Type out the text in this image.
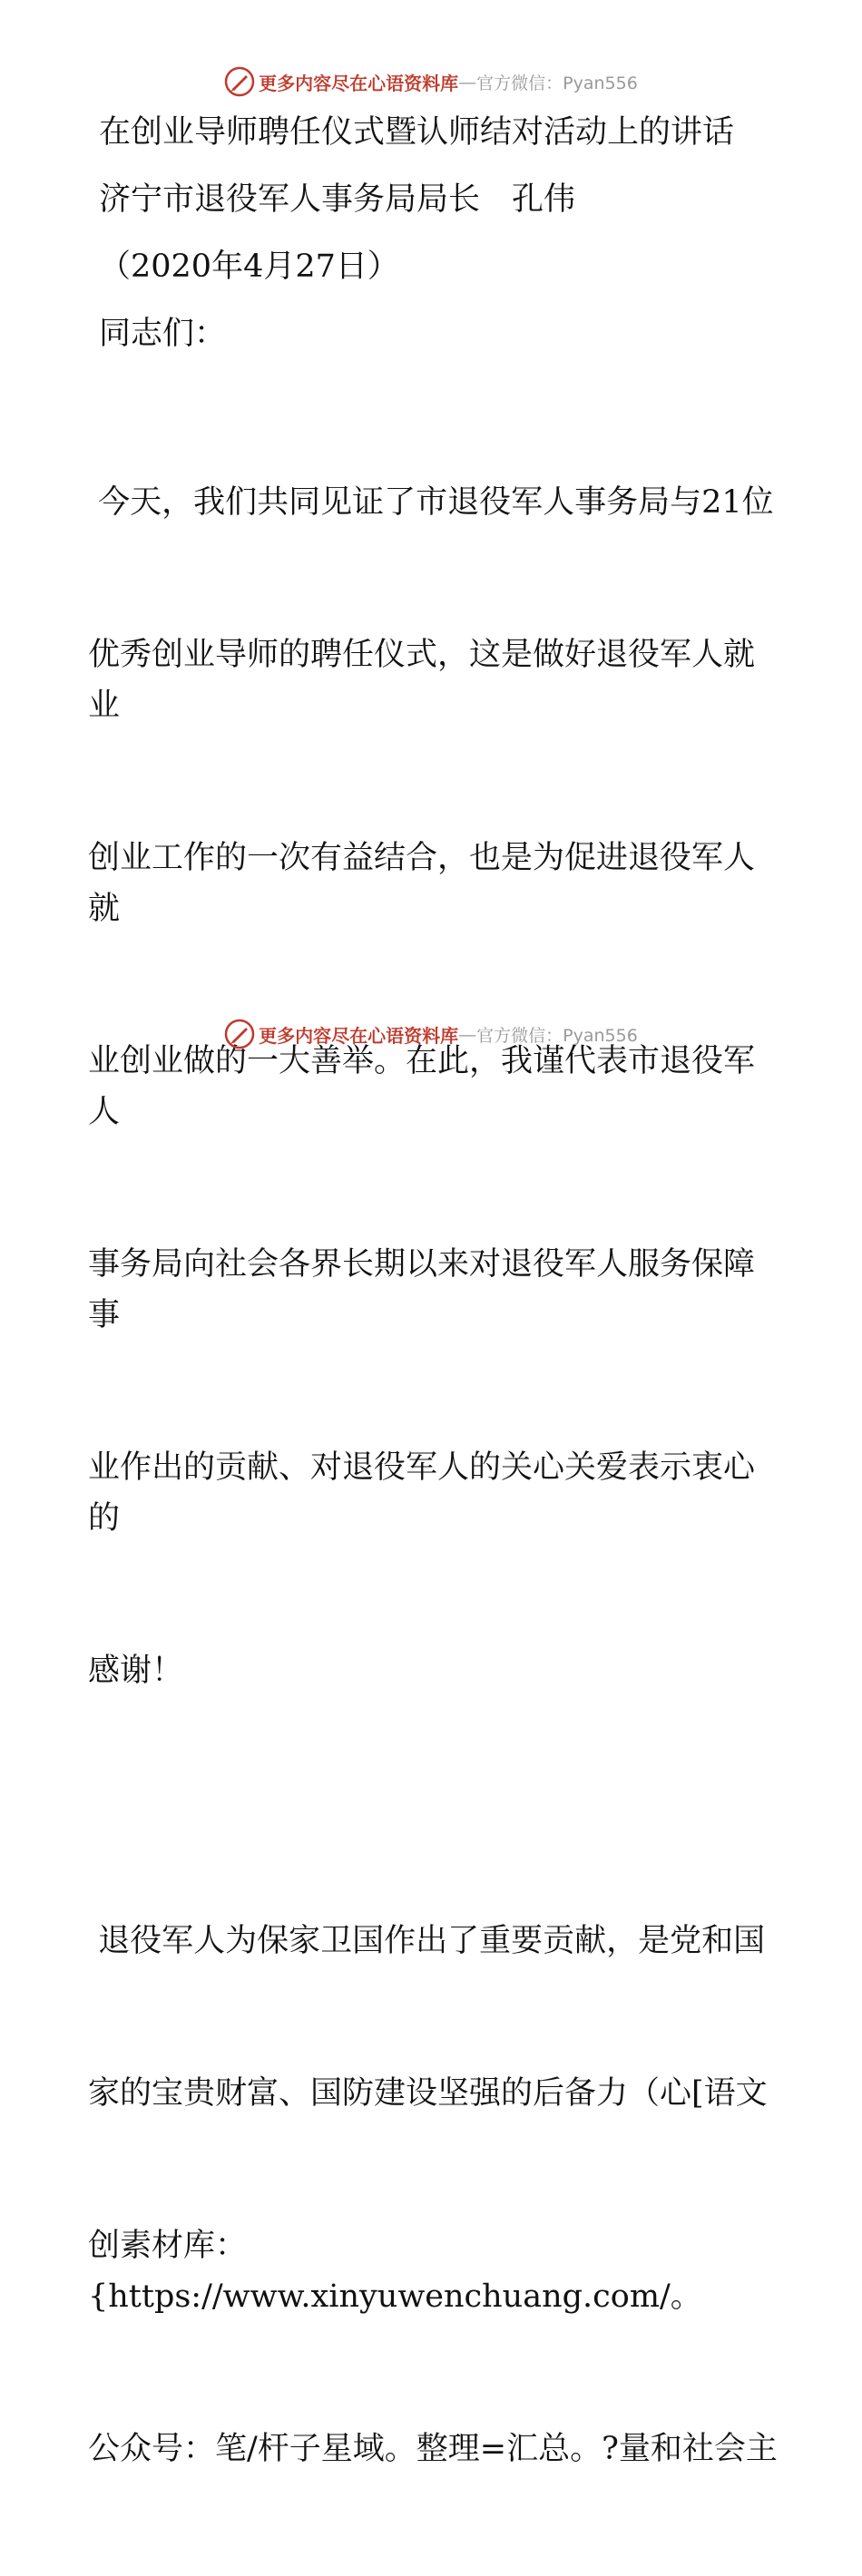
更多内容尽在心语资料库 — 官方微信：Pyan556

在创业导师聘任仪式暨认师结对活动上的讲话

济宁市退役军人事务局局长　孔伟

（2020年4月27日）

同志们：

今天，我们共同见证了市退役军人事务局与21位

优秀创业导师的聘任仪式，这是做好退役军人就业

创业工作的一次有益结合，也是为促进退役军人就

业创业做的一大善举。在此，我谨代表市退役军人

事务局向社会各界长期以来对退役军人服务保障事

业作出的贡献、对退役军人的关心关爱表示衷心的

感谢！

退役军人为保家卫国作出了重要贡献，是党和国

家的宝贵财富、国防建设坚强的后备力（心[语文

创素材库：{https://www.xinyuwenchuang.com/。

公众号：笔/杆子星域。整理=汇总。?量和社会主

更多内容尽在心语资料库 — 官方微信：Pyan556
